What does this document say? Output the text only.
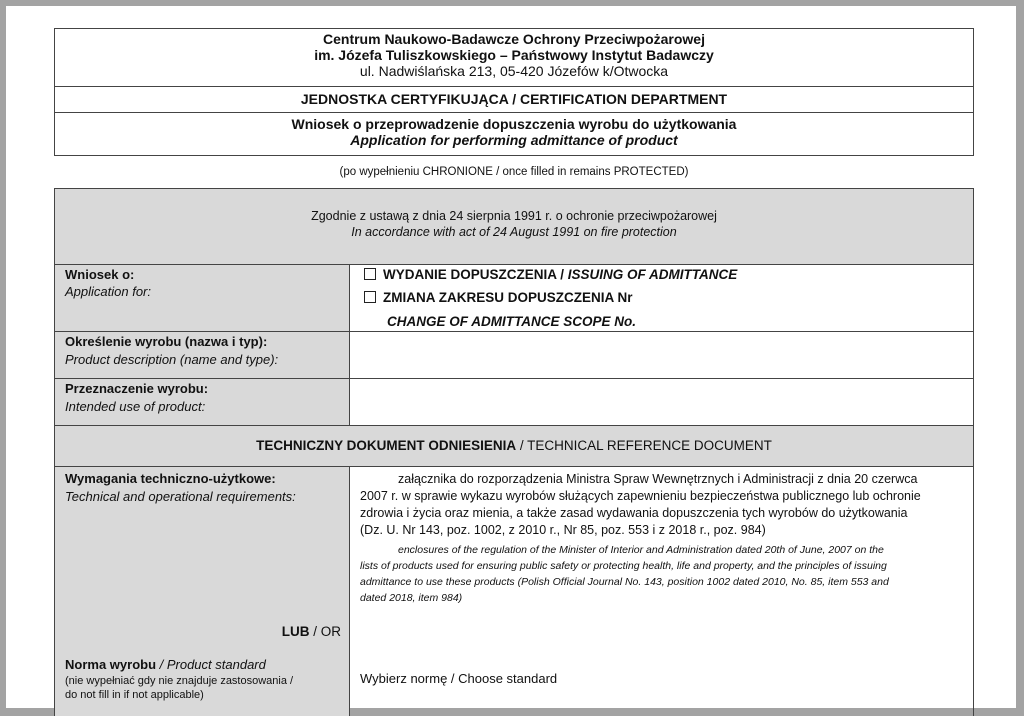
Centrum Naukowo-Badawcze Ochrony Przeciwpożarowej
im. Józefa Tuliszkowskiego – Państwowy Instytut Badawczy
ul. Nadwiślańska 213, 05-420 Józefów k/Otwocka
JEDNOSTKA CERTYFIKUJĄCA / CERTIFICATION DEPARTMENT
Wniosek o przeprowadzenie dopuszczenia wyrobu do użytkowania
Application for performing admittance of product
(po wypełnieniu CHRONIONE / once filled in remains PROTECTED)
Zgodnie z ustawą z dnia 24 sierpnia 1991 r. o ochronie przeciwpożarowej
In accordance with act of 24 August 1991 on fire protection
Wniosek o:
Application for:
WYDANIE DOPUSZCZENIA / ISSUING OF ADMITTANCE
ZMIANA ZAKRESU DOPUSZCZENIA Nr
CHANGE OF ADMITTANCE SCOPE No.
Określenie wyrobu (nazwa i typ):
Product description (name and type):
Przeznaczenie wyrobu:
Intended use of product:
TECHNICZNY DOKUMENT ODNIESIENIA / TECHNICAL REFERENCE DOCUMENT
Wymagania techniczno-użytkowe:
Technical and operational requirements:
LUB / OR
Norma wyrobu / Product standard
(nie wypełniać gdy nie znajduje zastosowania /
do not fill in if not applicable)
załącznika do rozporządzenia Ministra Spraw Wewnętrznych i Administracji z dnia 20 czerwca
2007 r. w sprawie wykazu wyrobów służących zapewnieniu bezpieczeństwa publicznego lub ochronie
zdrowia i życia oraz mienia, a także zasad wydawania dopuszczenia tych wyrobów do użytkowania
(Dz. U. Nr 143, poz. 1002, z 2010 r., Nr 85, poz. 553 i z 2018 r., poz. 984)
enclosures of the regulation of the Minister of Interior and Administration dated 20th of June, 2007 on the
lists of products used for ensuring public safety or protecting health, life and property, and the principles of issuing
admittance to use these products (Polish Official Journal No. 143, position 1002 dated 2010, No. 85, item 553 and
dated 2018, item 984)
Wybierz normę / Choose standard
